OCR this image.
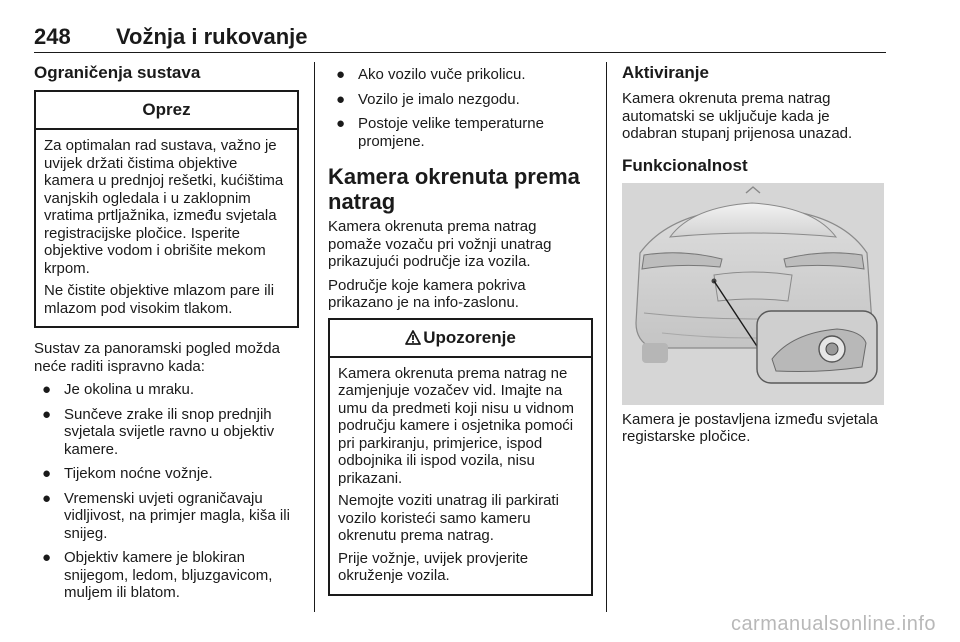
248 Vožnja i rukovanje
Ograničenja sustava
Oprez
Za optimalan rad sustava, važno je uvijek držati čistima objektive kamera u prednjoj rešetki, kućištima vanjskih ogledala i u zaklopnim vratima prtljažnika, između svjetala registracijske pločice. Isperite objektive vodom i obrišite mekom krpom.
Ne čistite objektive mlazom pare ili mlazom pod visokim tlakom.
Sustav za panoramski pogled možda neće raditi ispravno kada:
● Je okolina u mraku.
● Sunčeve zrake ili snop prednjih svjetala svijetle ravno u objektiv kamere.
● Tijekom noćne vožnje.
● Vremenski uvjeti ograničavaju vidljivost, na primjer magla, kiša ili snijeg.
● Objektiv kamere je blokiran snijegom, ledom, bljuzgavicom, muljem ili blatom.
● Ako vozilo vuče prikolicu.
● Vozilo je imalo nezgodu.
● Postoje velike temperaturne promjene.
Kamera okrenuta prema natrag
Kamera okrenuta prema natrag pomaže vozaču pri vožnji unatrag prikazujući područje iza vozila.
Područje koje kamera pokriva prikazano je na info-zaslonu.
Upozorenje
Kamera okrenuta prema natrag ne zamjenjuje vozačev vid. Imajte na umu da predmeti koji nisu u vidnom području kamere i osjetnika pomoći pri parkiranju, primjerice, ispod odbojnika ili ispod vozila, nisu prikazani.
Nemojte voziti unatrag ili parkirati vozilo koristeći samo kameru okrenutu prema natrag.
Prije vožnje, uvijek provjerite okruženje vozila.
Aktiviranje
Kamera okrenuta prema natrag automatski se uključuje kada je odabran stupanj prijenosa unazad.
Funkcionalnost
Kamera je postavljena između svjetala registarske pločice.
carmanualsonline.info
